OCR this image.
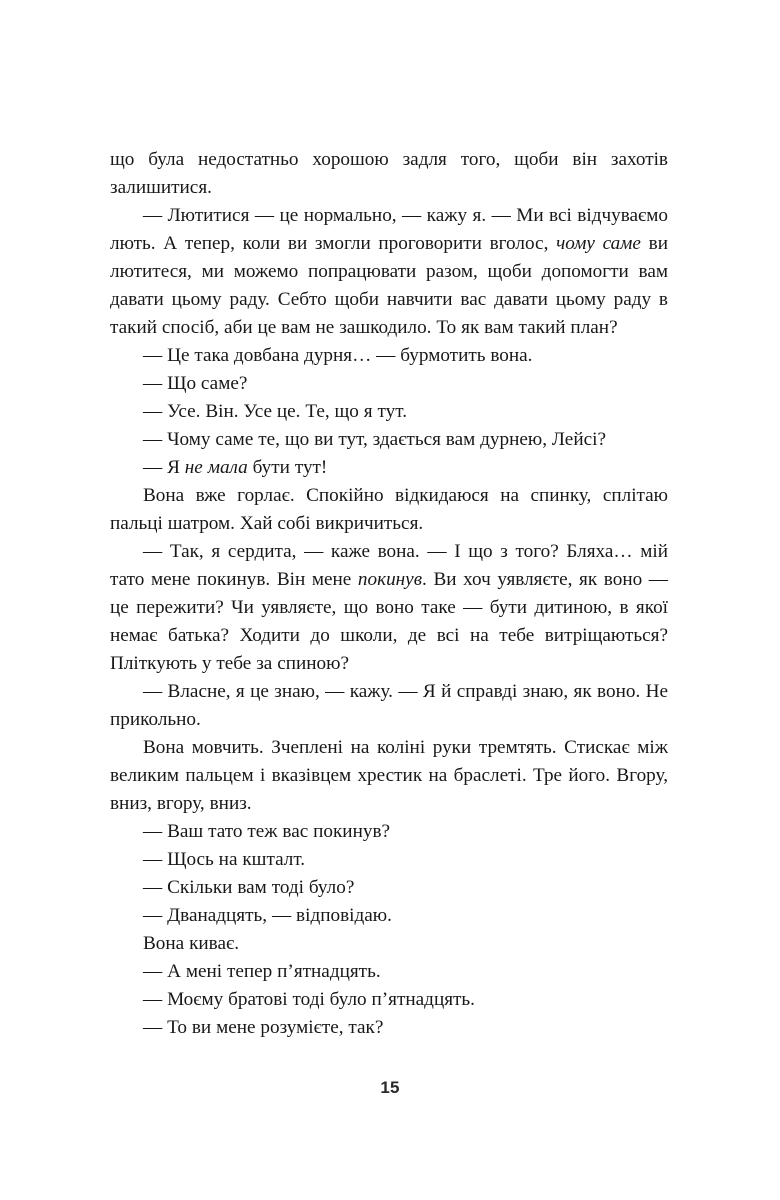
що була недостатньо хорошою задля того, щоби він захотів залишитися.

— Лютитися — це нормально, — кажу я. — Ми всі відчуваємо лють. А тепер, коли ви змогли проговорити вголос, чому саме ви лютитеся, ми можемо попрацювати разом, щоби допомогти вам давати цьому раду. Себто щоби навчити вас давати цьому раду в такий спосіб, аби це вам не зашкодило. То як вам такий план?

— Це така довбана дурня… — бурмотить вона.

— Що саме?

— Усе. Він. Усе це. Те, що я тут.

— Чому саме те, що ви тут, здається вам дурнею, Лейсі?

— Я не мала бути тут!

Вона вже горлає. Спокійно відкидаюся на спинку, сплітаю пальці шатром. Хай собі викричиться.

— Так, я сердита, — каже вона. — І що з того? Бляха… мій тато мене покинув. Він мене покинув. Ви хоч уявляєте, як воно — це пережити? Чи уявляєте, що воно таке — бути дитиною, в якої немає батька? Ходити до школи, де всі на тебе витріщаються? Пліткують у тебе за спиною?

— Власне, я це знаю, — кажу. — Я й справді знаю, як воно. Не прикольно.

Вона мовчить. Зчеплені на коліні руки тремтять. Стискає між великим пальцем і вказівцем хрестик на браслеті. Тре його. Вгору, вниз, вгору, вниз.

— Ваш тато теж вас покинув?

— Щось на кшталт.

— Скільки вам тоді було?

— Дванадцять, — відповідаю.

Вона киває.

— А мені тепер п’ятнадцять.

— Моєму братові тоді було п’ятнадцять.

— То ви мене розумієте, так?

15
